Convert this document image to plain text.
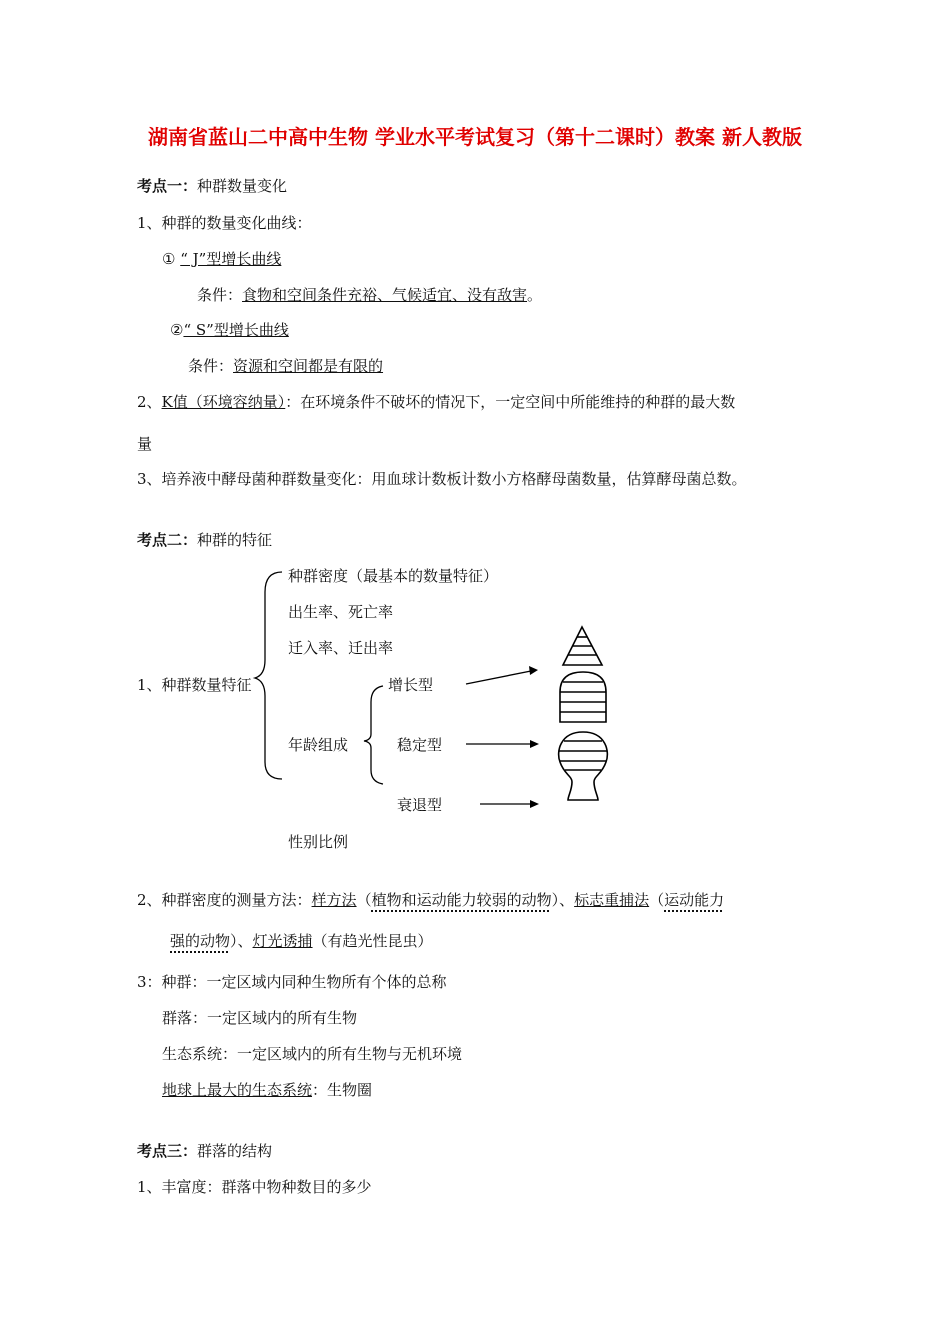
湖南省蓝山二中高中生物 学业水平考试复习（第十二课时）教案 新人教版
考点一：种群数量变化
1、种群的数量变化曲线：
① “ J”型增长曲线
条件：食物和空间条件充裕、气候适宜、没有敌害。
②“ S”型增长曲线
条件：资源和空间都是有限的
2、K值（环境容纳量）：在环境条件不破坏的情况下，一定空间中所能维持的种群的最大数
量
3、培养液中酵母菌种群数量变化：用血球计数板计数小方格酵母菌数量，估算酵母菌总数。
考点二：种群的特征
种群密度（最基本的数量特征）
出生率、死亡率
迁入率、迁出率
1、种群数量特征	增长型
年龄组成	稳定型
衰退型
性别比例
2、种群密度的测量方法：样方法（植物和运动能力较弱的动物）、标志重捕法（运动能力
强的动物）、灯光诱捕（有趋光性昆虫）
3：种群：一定区域内同种生物所有个体的总称
群落：一定区域内的所有生物
生态系统：一定区域内的所有生物与无机环境
地球上最大的生态系统：生物圈
考点三：群落的结构
1、丰富度：群落中物种数目的多少
